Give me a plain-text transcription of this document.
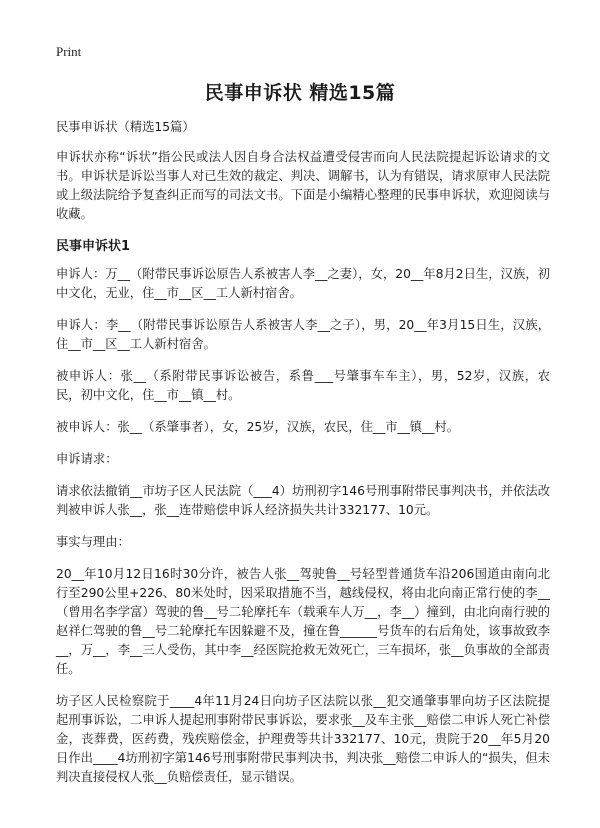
Print
民事申诉状 精选15篇

民事申诉状（精选15篇）

申诉状亦称“诉状”指公民或法人因自身合法权益遭受侵害而向人民法院提起诉讼请求的文书。申诉状是诉讼当事人对已生效的裁定、判决、调解书，认为有错误，请求原审人民法院或上级法院给予复查纠正而写的司法文书。下面是小编精心整理的民事申诉状，欢迎阅读与收藏。

民事申诉状1

申诉人：万__（附带民事诉讼原告人系被害人李__之妻），女，20__年8月2日生，汉族，初中文化，无业，住__市__区__工人新村宿舍。

申诉人：李__（附带民事诉讼原告人系被害人李__之子），男，20__年3月15日生，汉族，住__市__区__工人新村宿舍。

被申诉人：张__（系附带民事诉讼被告，系鲁___号肇事车车主），男，52岁，汉族，农民，初中文化，住__市__镇__村。

被申诉人：张__（系肇事者），女，25岁，汉族，农民，住__市__镇__村。

申诉请求：

请求依法撤销__市坊子区人民法院（___4）坊刑初字146号刑事附带民事判决书，并依法改判被申诉人张__，张__连带赔偿申诉人经济损失共计332177、10元。

事实与理由：

20__年10月12日16时30分许，被告人张__驾驶鲁__号轻型普通货车沿206国道由南向北行至290公里+226、80米处时，因采取措施不当，越线侵权，将由北向南正常行使的李__（曾用名李学富）驾驶的鲁__号二轮摩托车（载乘车人万__，李__）撞到，由北向南行驶的赵祥仁驾驶的鲁__号二轮摩托车因躲避不及，撞在鲁______号货车的右后角处，该事故致李__，万__，李__三人受伤，其中李__经医院抢救无效死亡，三车损坏，张__负事故的全部责任。

坊子区人民检察院于____4年11月24日向坊子区法院以张__犯交通肇事罪向坊子区法院提起刑事诉讼，二申诉人提起刑事附带民事诉讼，要求张__及车主张__赔偿二申诉人死亡补偿金，丧葬费，医药费，残疾赔偿金，护理费等共计332177、10元，贵院于20__年5月20日作出____4坊刑初字第146号刑事附带民事判决书，判决张__赔偿二申诉人的“损失，但未判决直接侵权人张__负赔偿责任，显示错误。
